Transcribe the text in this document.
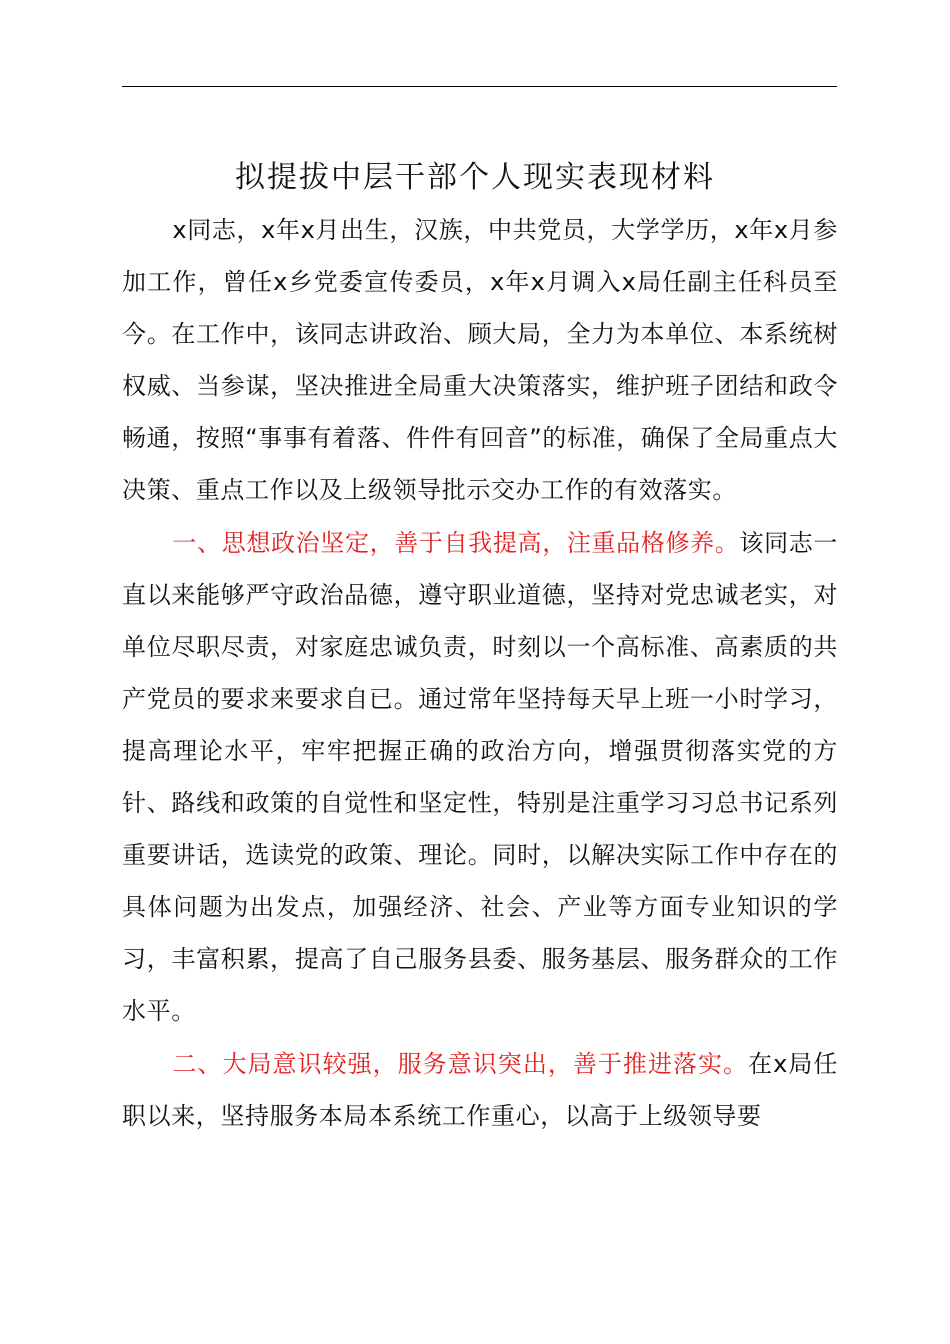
拟提拔中层干部个人现实表现材料

x同志，x年x月出生，汉族，中共党员，大学学历，x年x月参加工作，曾任x乡党委宣传委员，x年x月调入x局任副主任科员至今。在工作中，该同志讲政治、顾大局，全力为本单位、本系统树权威、当参谋，坚决推进全局重大决策落实，维护班子团结和政令畅通，按照“事事有着落、件件有回音”的标准，确保了全局重点大决策、重点工作以及上级领导批示交办工作的有效落实。

一、思想政治坚定，善于自我提高，注重品格修养。该同志一直以来能够严守政治品德，遵守职业道德，坚持对党忠诚老实，对单位尽职尽责，对家庭忠诚负责，时刻以一个高标准、高素质的共产党员的要求来要求自已。通过常年坚持每天早上班一小时学习，提高理论水平，牢牢把握正确的政治方向，增强贯彻落实党的方针、路线和政策的自觉性和坚定性，特别是注重学习习总书记系列重要讲话，选读党的政策、理论。同时，以解决实际工作中存在的具体问题为出发点，加强经济、社会、产业等方面专业知识的学习，丰富积累，提高了自己服务县委、服务基层、服务群众的工作水平。

二、大局意识较强，服务意识突出，善于推进落实。在x局任职以来，坚持服务本局本系统工作重心，以高于上级领导要
